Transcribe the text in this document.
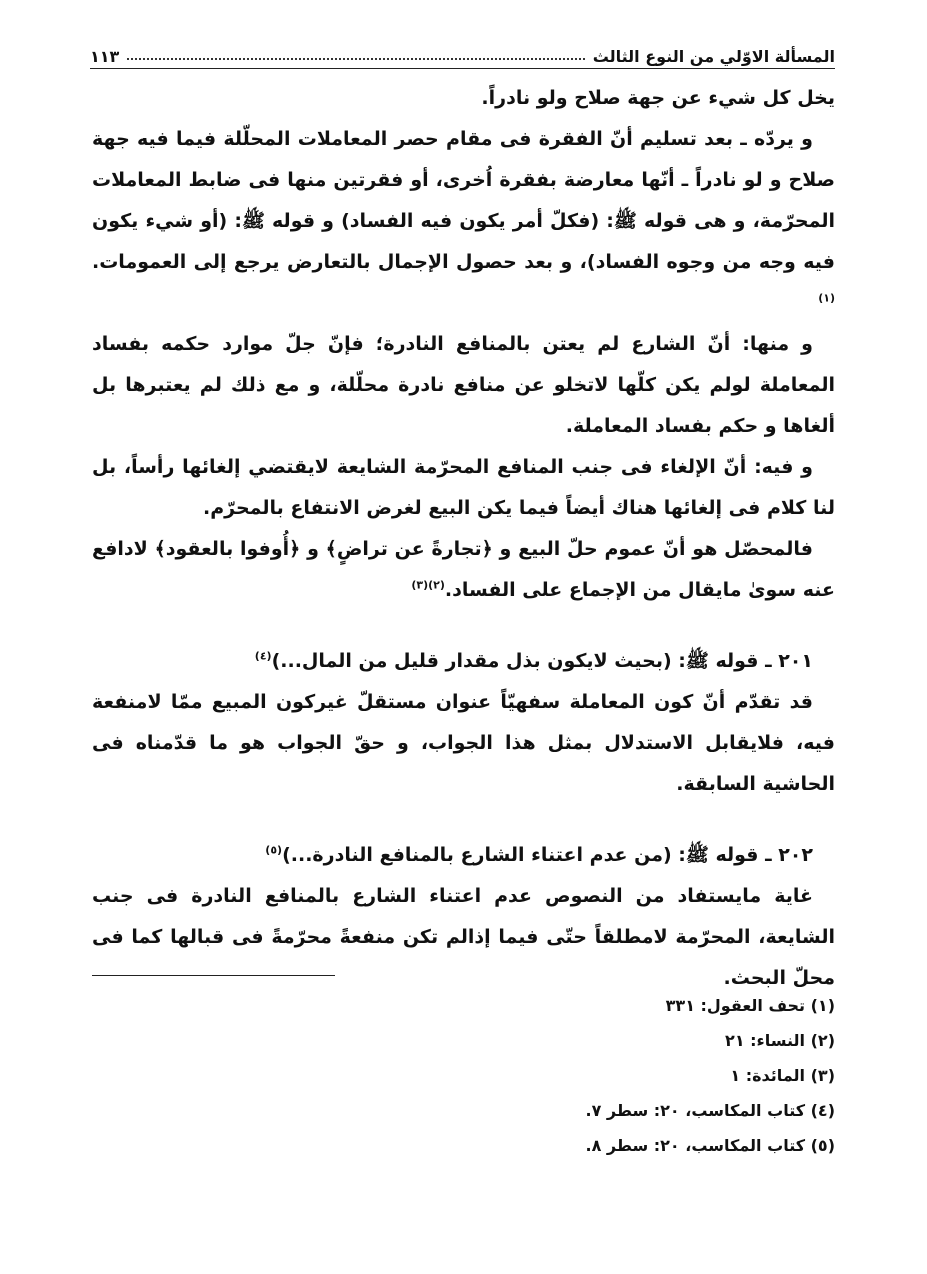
المسألة الاوّلي من النوع الثالث
۱۱۳

يخل كل شيء عن جهة صلاح ولو نادراً.

و يردّه ـ بعد تسليم أنّ الفقرة فى مقام حصر المعاملات المحلّلة فيما فيه جهة صلاح و لو نادراً ـ أنّها معارضة بفقرة اُخرى، أو فقرتين منها فى ضابط المعاملات المحرّمة، و هى قوله ﷺ: (فكلّ أمر يكون فيه الفساد) و قوله ﷺ: (أو شيء يكون فيه وجه من وجوه الفساد)، و بعد حصول الإجمال بالتعارض يرجع إلى العمومات.$^{(١)}$

و منها: أنّ الشارع لم يعتن بالمنافع النادرة؛ فإنّ جلّ موارد حكمه بفساد المعاملة لولم يكن كلّها لاتخلو عن منافع نادرة محلّلة، و مع ذلك لم يعتبرها بل ألغاها و حكم بفساد المعاملة.

و فيه: أنّ الإلغاء فى جنب المنافع المحرّمة الشايعة لايقتضي إلغائها رأساً، بل لنا كلام فى إلغائها هناك أيضاً فيما يكن البيع لغرض الانتفاع بالمحرّم.

فالمحصّل هو أنّ عموم حلّ البيع و ﴿تجارةً عن تراضٍ﴾ و ﴿أُوفوا بالعقود﴾ لادافع عنه سوىٰ مايقال من الإجماع على الفساد.$^{(٢)(٣)}$

۲۰۱ ـ قوله ﷺ: (بحيث لايكون بذل مقدار قليل من المال...)$^{(٤)}$

قد تقدّم أنّ كون المعاملة سفهيّاً عنوان مستقلّ غيركون المبيع ممّا لامنفعة فيه، فلايقابل الاستدلال بمثل هذا الجواب، و حقّ الجواب هو ما قدّمناه فى الحاشية السابقة.

۲۰۲ ـ قوله ﷺ: (من عدم اعتناء الشارع بالمنافع النادرة...)$^{(٥)}$

غاية مايستفاد من النصوص عدم اعتناء الشارع بالمنافع النادرة فى جنب الشايعة، المحرّمة لامطلقاً حتّى فيما إذالم تكن منفعةً محرّمةً فى قبالها كما فى محلّ البحث.

(١) تحف العقول: ٣٣١
(٢) النساء: ٢١
(٣) المائدة: ١
(٤) كتاب المكاسب، ٢٠: سطر ٧.
(٥) كتاب المكاسب، ٢٠: سطر ٨.
